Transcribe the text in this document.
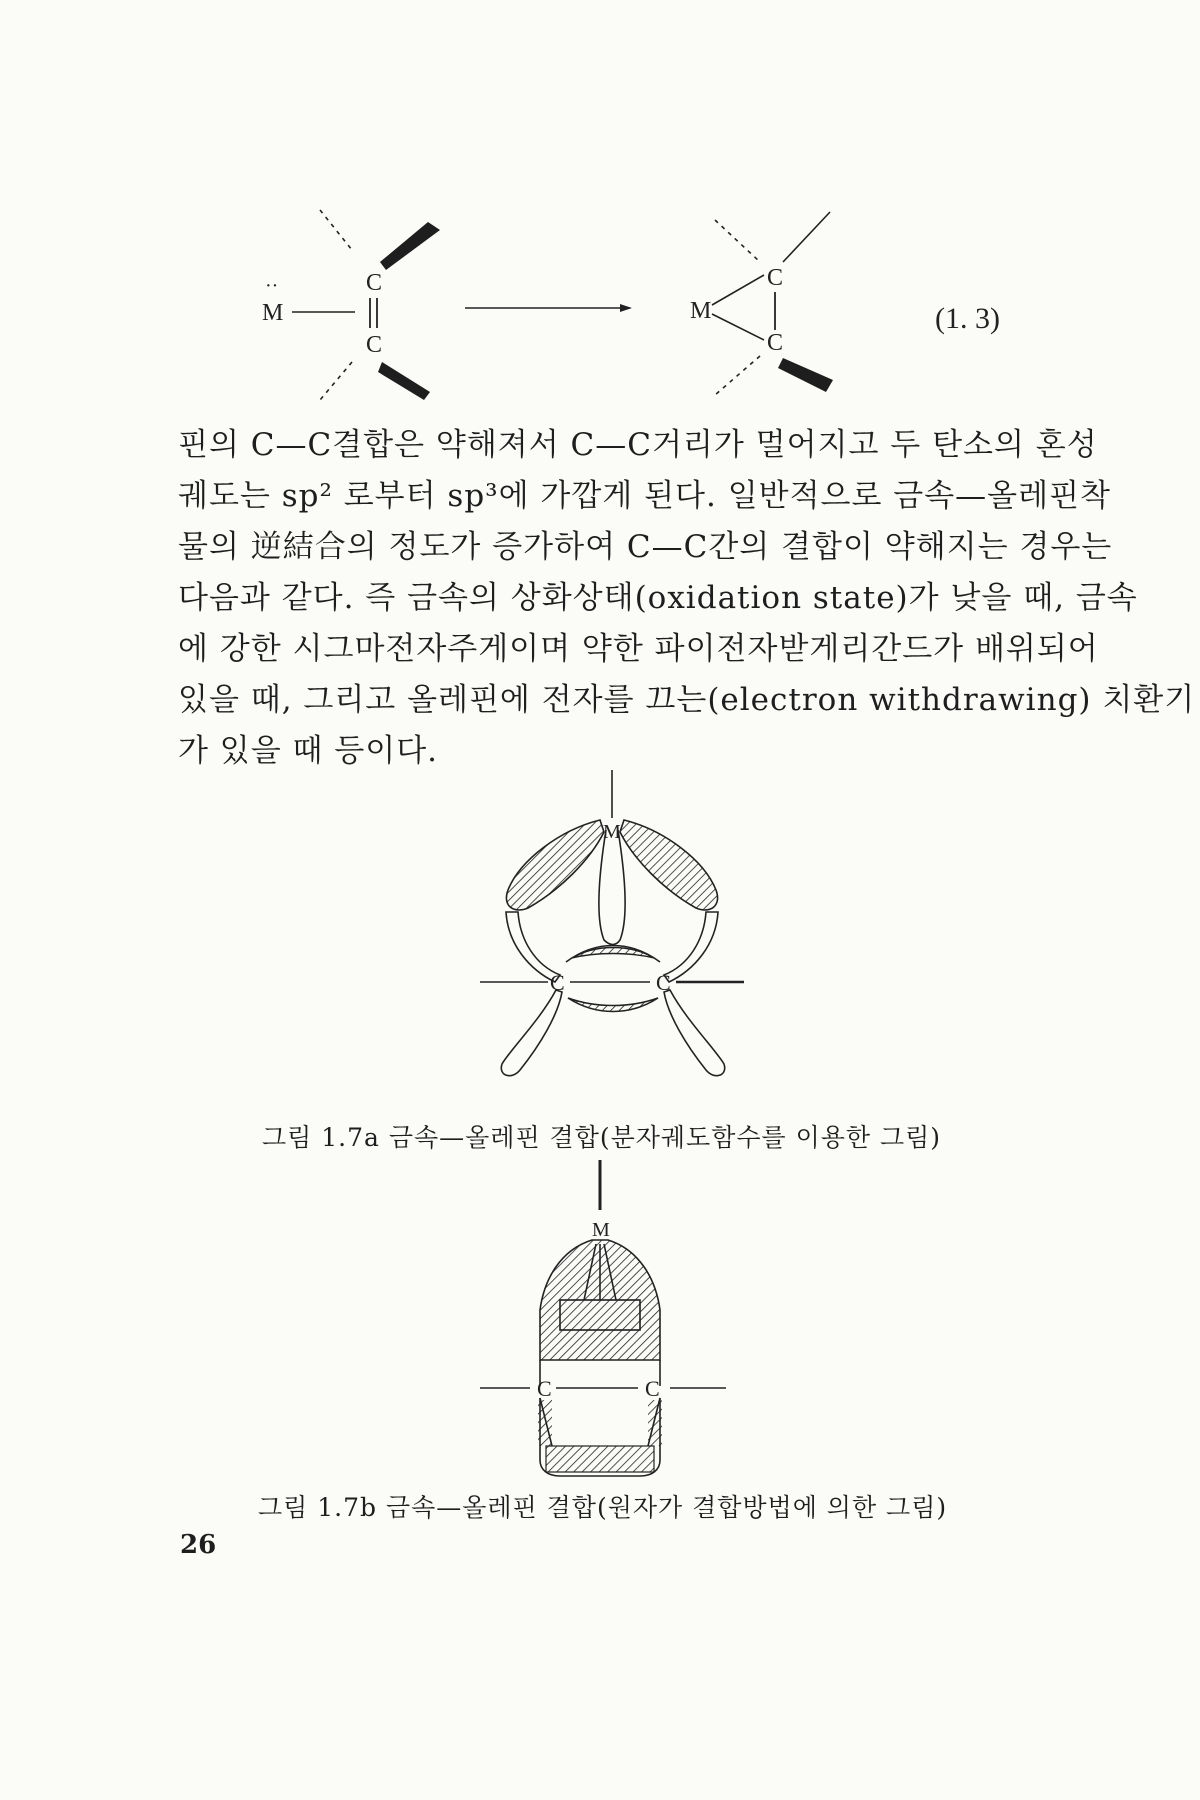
C
C
··
M
C
C
M	(1. 3)
핀의 C—C결합은 약해져서 C—C거리가 멀어지고 두 탄소의 혼성
궤도는 sp² 로부터 sp³에 가깝게 된다. 일반적으로 금속—올레핀착
물의 逆結合의 정도가 증가하여 C—C간의 결합이 약해지는 경우는
다음과 같다. 즉 금속의 상화상태(oxidation state)가 낮을 때, 금속
에 강한 시그마전자주게이며 약한 파이전자받게리간드가 배위되어
있을 때, 그리고 올레핀에 전자를 끄는(electron withdrawing) 치환기
가 있을 때 등이다.
M
C	C
M
C	C
그림 1.7a 금속—올레핀 결합(분자궤도함수를 이용한 그림)
그림 1.7b 금속—올레핀 결합(원자가 결합방법에 의한 그림)
26
